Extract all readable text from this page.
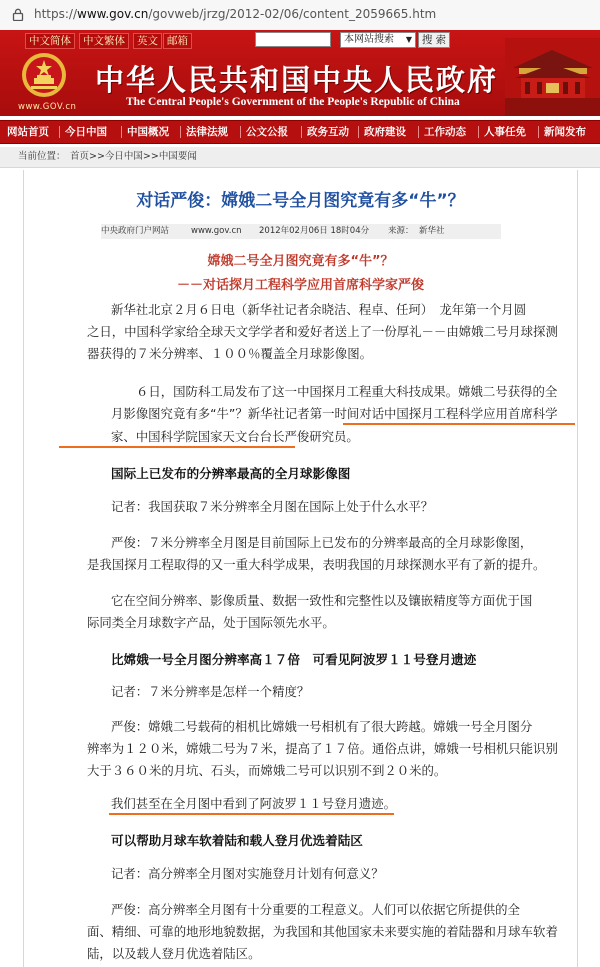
https://www.gov.cn/govweb/jrzg/2012-02/06/content_2059665.htm
中文简体	中文繁体	英文 邮箱	本网站搜索 ▼ 搜 索
www.GOV.cn
中华人民共和国中央人民政府
The Central People's Government of the People's Republic of China
网站首页 今日中国 中国概况 法律法规 公文公报 政务互动 政府建设 工作动态 人事任免 新闻发布
当前位置： 首页>>今日中国>>中国要闻
对话严俊：嫦娥二号全月图究竟有多“牛”？
中央政府门户网站	www.gov.cn 2012年02月06日 18时04分 来源： 新华社
嫦娥二号全月图究竟有多“牛”？
－－对话探月工程科学应用首席科学家严俊
新华社北京２月６日电（新华社记者余晓洁、程卓、任珂）　龙年第一个月圆
之日，中国科学家给全球天文学学者和爱好者送上了一份厚礼－－由嫦娥二号月球探测
器获得的７米分辨率、１００％覆盖全月球影像图。
６日，国防科工局发布了这一中国探月工程重大科技成果。嫦娥二号获得的全
月影像图究竟有多“牛”？新华社记者第一时间对话中国探月工程科学应用首席科学
家、中国科学院国家天文台台长严俊研究员。
国际上已发布的分辨率最高的全月球影像图
记者：我国获取７米分辨率全月图在国际上处于什么水平？
严俊：７米分辨率全月图是目前国际上已发布的分辨率最高的全月球影像图，
是我国探月工程取得的又一重大科学成果，表明我国的月球探测水平有了新的提升。
它在空间分辨率、影像质量、数据一致性和完整性以及镶嵌精度等方面优于国
际同类全月球数字产品，处于国际领先水平。
比嫦娥一号全月图分辨率高１７倍　可看见阿波罗１１号登月遗迹
记者：７米分辨率是怎样一个精度？
严俊：嫦娥二号载荷的相机比嫦娥一号相机有了很大跨越。嫦娥一号全月图分
辨率为１２０米，嫦娥二号为７米，提高了１７倍。通俗点讲，嫦娥一号相机只能识别
大于３６０米的月坑、石头，而嫦娥二号可以识别不到２０米的。
我们甚至在全月图中看到了阿波罗１１号登月遗迹。
可以帮助月球车软着陆和载人登月优选着陆区
记者：高分辨率全月图对实施登月计划有何意义？
严俊：高分辨率全月图有十分重要的工程意义。人们可以依据它所提供的全
面、精细、可靠的地形地貌数据，为我国和其他国家未来要实施的着陆器和月球车软着
陆，以及载人登月优选着陆区。
